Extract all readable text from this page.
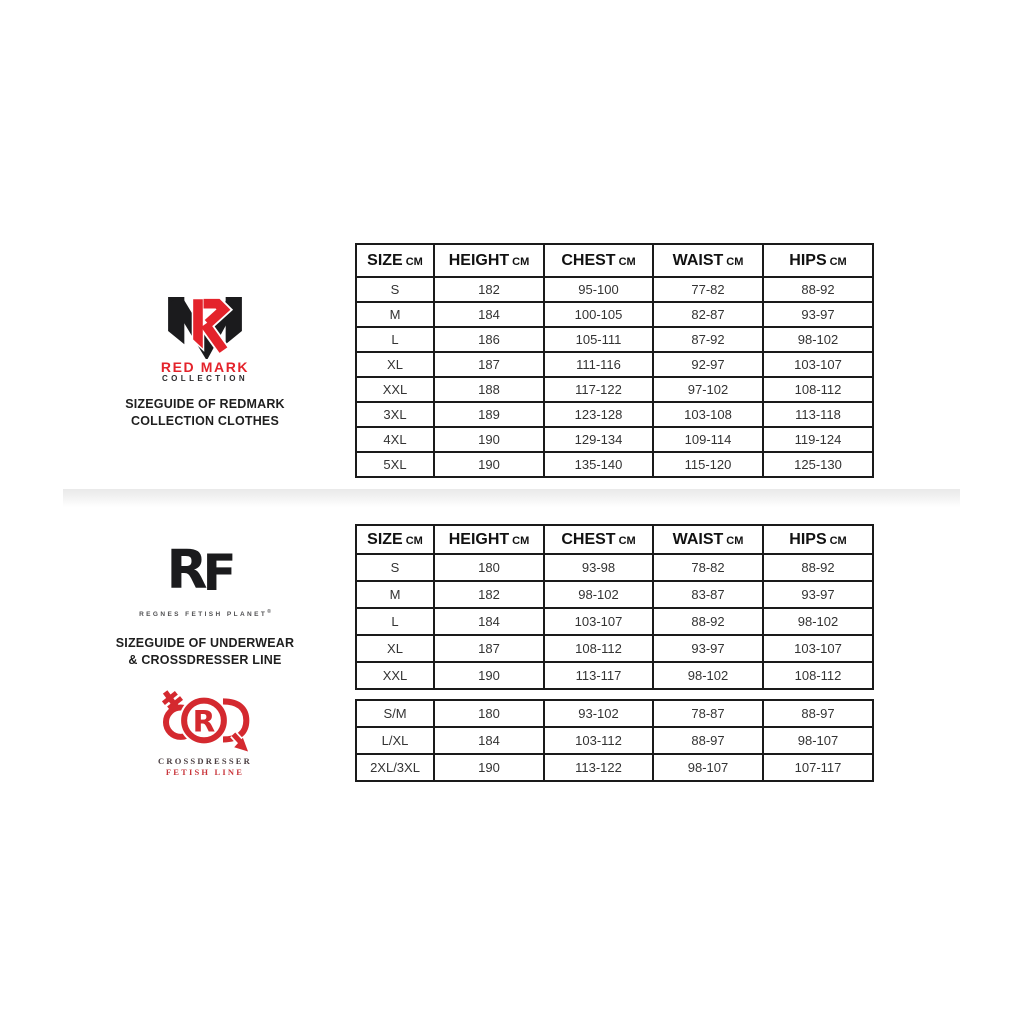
RED MARK
COLLECTION
SIZEGUIDE OF REDMARK
COLLECTION CLOTHES
R
F
REGNES FETISH PLANET®
SIZEGUIDE OF UNDERWEAR
& CROSSDRESSER LINE
R
CROSSDRESSER
FETISH LINE
SIZE CM	HEIGHT CM	CHEST CM	WAIST CM	HIPS CM
S	182	95-100	77-82	88-92
M	184	100-105	82-87	93-97
L	186	105-111	87-92	98-102
XL	187	111-116	92-97	103-107
XXL	188	117-122	97-102	108-112
3XL	189	123-128	103-108	113-118
4XL	190	129-134	109-114	119-124
5XL	190	135-140	115-120	125-130
SIZE CM	HEIGHT CM	CHEST CM	WAIST CM	HIPS CM
S	180	93-98	78-82	88-92
M	182	98-102	83-87	93-97
L	184	103-107	88-92	98-102
XL	187	108-112	93-97	103-107
XXL	190	113-117	98-102	108-112
S/M	180	93-102	78-87	88-97
L/XL	184	103-112	88-97	98-107
2XL/3XL	190	113-122	98-107	107-117
